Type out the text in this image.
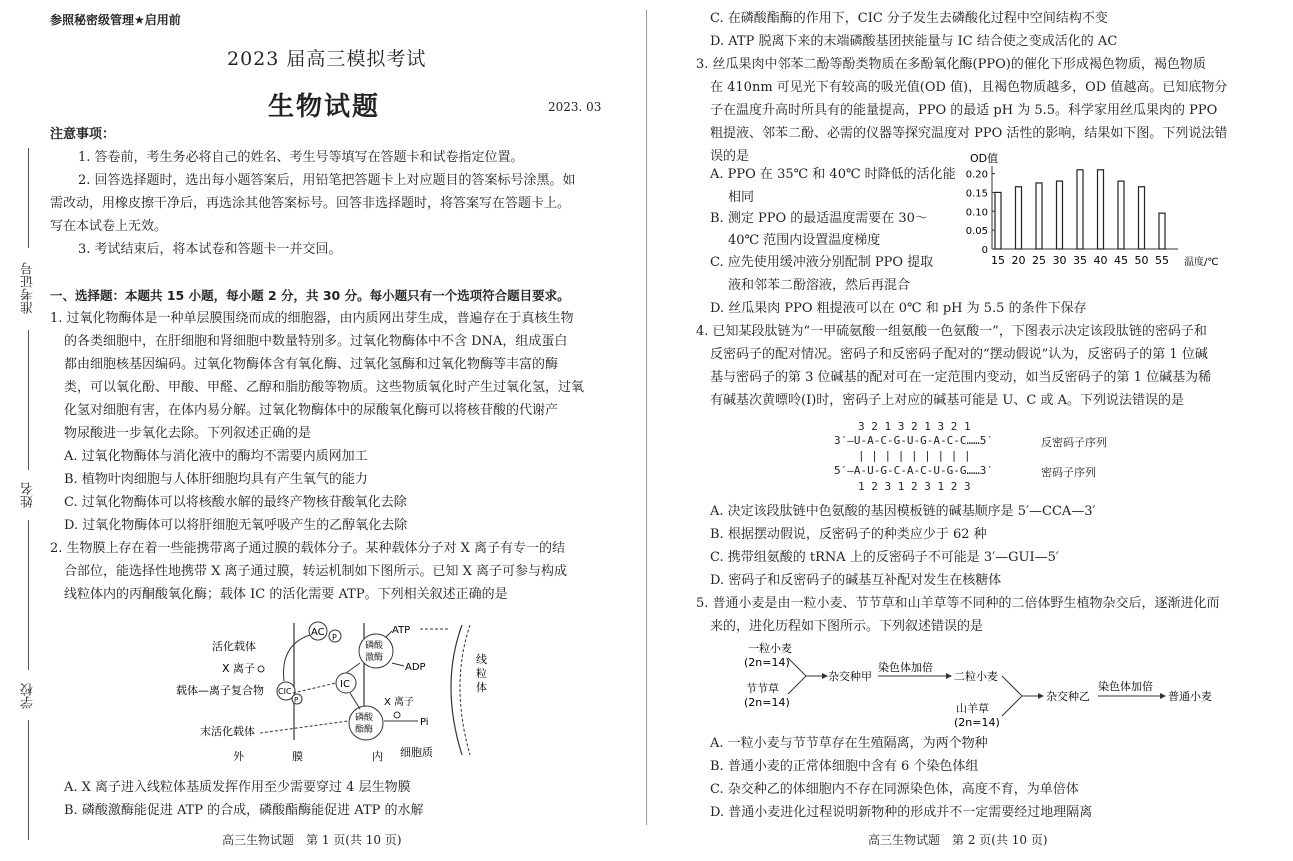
准考证号
姓名
学校
参照秘密级管理★启用前
2023 届高三模拟考试
生物试题	2023. 03
注意事项：
1. 答卷前，考生务必将自己的姓名、考生号等填写在答题卡和试卷指定位置。
2. 回答选择题时，选出每小题答案后，用铅笔把答题卡上对应题目的答案标号涂黑。如
需改动，用橡皮擦干净后，再选涂其他答案标号。回答非选择题时，将答案写在答题卡上。
写在本试卷上无效。
3. 考试结束后，将本试卷和答题卡一并交回。
一、选择题：本题共 15 小题，每小题 2 分，共 30 分。每小题只有一个选项符合题目要求。
1. 过氧化物酶体是一种单层膜围绕而成的细胞器，由内质网出芽生成，普遍存在于真核生物
的各类细胞中，在肝细胞和肾细胞中数量特别多。过氧化物酶体中不含 DNA，组成蛋白
都由细胞核基因编码。过氧化物酶体含有氧化酶、过氧化氢酶和过氧化物酶等丰富的酶
类，可以氧化酚、甲酸、甲醛、乙醇和脂肪酸等物质。这些物质氧化时产生过氧化氢，过氧
化氢对细胞有害，在体内易分解。过氧化物酶体中的尿酸氧化酶可以将核苷酸的代谢产
物尿酸进一步氧化去除。下列叙述正确的是
A. 过氧化物酶体与消化液中的酶均不需要内质网加工
B. 植物叶肉细胞与人体肝细胞均具有产生氧气的能力
C. 过氧化物酶体可以将核酸水解的最终产物核苷酸氧化去除
D. 过氧化物酶体可以将肝细胞无氧呼吸产生的乙醇氧化去除
2. 生物膜上存在着一些能携带离子通过膜的载体分子。某种载体分子对 X 离子有专一的结
合部位，能选择性地携带 X 离子通过膜，转运机制如下图所示。已知 X 离子可参与构成
线粒体内的丙酮酸氧化酶；载体 IC 的活化需要 ATP。下列相关叙述正确的是
线
粒
体
活化载体
X 离子
载体—离子复合物
末活化载体
AC P
CIC
P
IC
磷酸
激酶
磷酸
酯酶
ATP
ADP
Pi
X 离子
外	膜	内 细胞质
A. X 离子进入线粒体基质发挥作用至少需要穿过 4 层生物膜
B. 磷酸激酶能促进 ATP 的合成，磷酸酯酶能促进 ATP 的水解
高三生物试题　第 1 页(共 10 页)
C. 在磷酸酯酶的作用下，CIC 分子发生去磷酸化过程中空间结构不变
D. ATP 脱离下来的末端磷酸基团挟能量与 IC 结合使之变成活化的 AC
3. 丝瓜果肉中邻苯二酚等酚类物质在多酚氧化酶(PPO)的催化下形成褐色物质，褐色物质
在 410nm 可见光下有较高的吸光值(OD 值)，且褐色物质越多，OD 值越高。已知底物分
子在温度升高时所具有的能量提高，PPO 的最适 pH 为 5.5。科学家用丝瓜果肉的 PPO
粗提液、邻苯二酚、必需的仪器等探究温度对 PPO 活性的影响，结果如下图。下列说法错
误的是
A. PPO 在 35℃ 和 40℃ 时降低的活化能
相同
B. 测定 PPO 的最适温度需要在 30～
40℃ 范围内设置温度梯度
C. 应先使用缓冲液分别配制 PPO 提取
液和邻苯二酚溶液，然后再混合
D. 丝瓜果肉 PPO 粗提液可以在 0℃ 和 pH 为 5.5 的条件下保存
OD值
温度/℃
0
0.05
0.10
0.15
0.20
15 20 25 30 35 40 45 50 55
4. 已知某段肽链为“一甲硫氨酸一组氨酸一色氨酸一”，下图表示决定该段肽链的密码子和
反密码子的配对情况。密码子和反密码子配对的“摆动假说”认为，反密码子的第 1 位碱
基与密码子的第 3 位碱基的配对可在一定范围内变动，如当反密码子的第 1 位碱基为稀
有碱基次黄嘌呤(I)时，密码子上对应的碱基可能是 U、C 或 A。下列说法错误的是
3 2 1 3 2 1 3 2 1
3′—U-A-C-G-U-G-A-C-C……5′	反密码子序列
| | | | | | | | |
5′—A-U-G-C-A-C-U-G-G……3′	密码子序列
1 2 3 1 2 3 1 2 3
A. 决定该段肽链中色氨酸的基因模板链的碱基顺序是 5′—CCA—3′
B. 根据摆动假说，反密码子的种类应少于 62 种
C. 携带组氨酸的 tRNA 上的反密码子不可能是 3′—GUI—5′
D. 密码子和反密码子的碱基互补配对发生在核糖体
5. 普通小麦是由一粒小麦、节节草和山羊草等不同种的二倍体野生植物杂交后，逐渐进化而
来的，进化历程如下图所示。下列叙述错误的是
一粒小麦
(2n=14)
节节草
(2n=14)
杂交种甲
染色体加倍
二粒小麦
山羊草
(2n=14)
杂交种乙
染色体加倍
普通小麦
A. 一粒小麦与节节草存在生殖隔离，为两个物种
B. 普通小麦的正常体细胞中含有 6 个染色体组
C. 杂交种乙的体细胞内不存在同源染色体，高度不育，为单倍体
D. 普通小麦进化过程说明新物种的形成并不一定需要经过地理隔离
高三生物试题　第 2 页(共 10 页)
